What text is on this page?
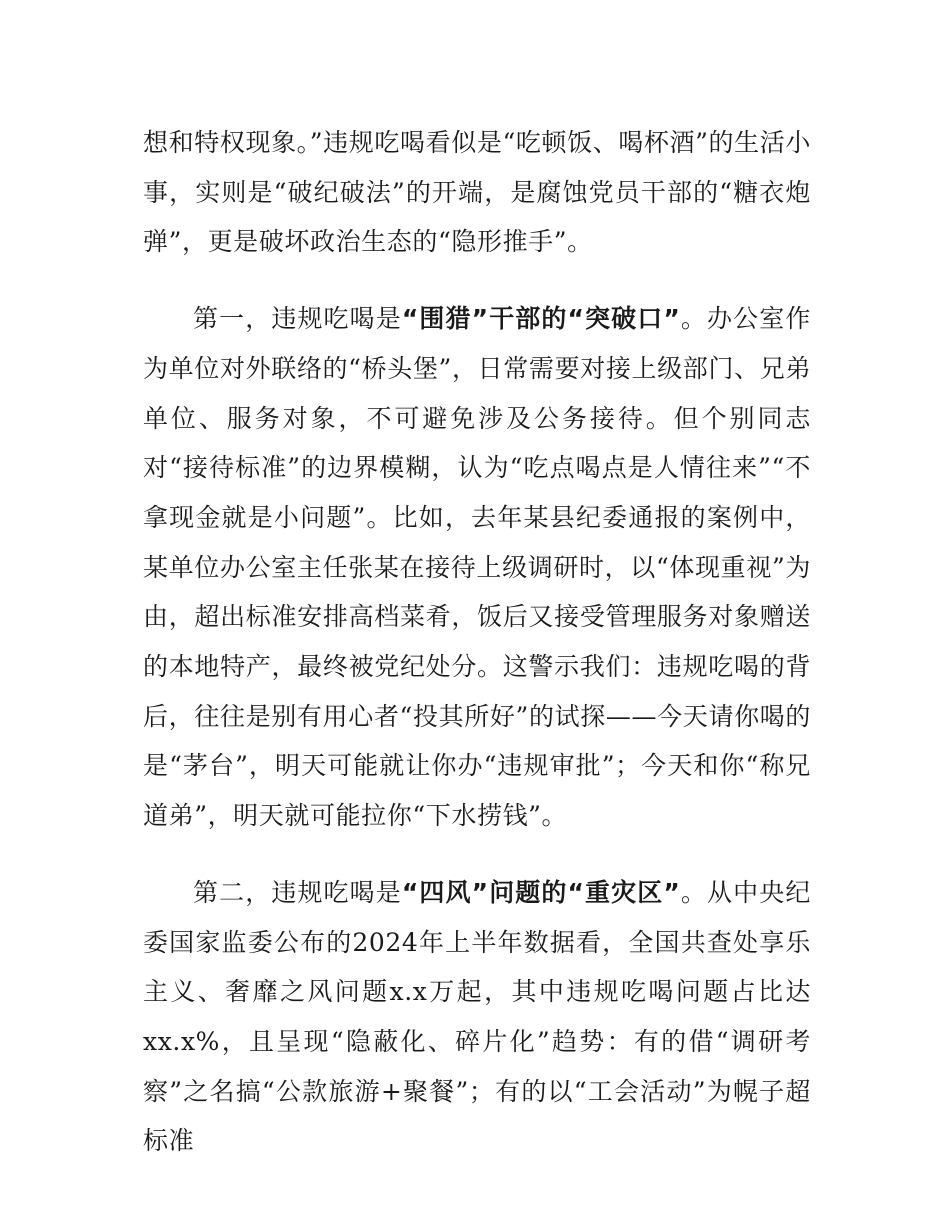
想和特权现象。”违规吃喝看似是“吃顿饭、喝杯酒”的生活小事，实则是“破纪破法”的开端，是腐蚀党员干部的“糖衣炮弹”，更是破坏政治生态的“隐形推手”。

第一，违规吃喝是“围猎”干部的“突破口”。办公室作为单位对外联络的“桥头堡”，日常需要对接上级部门、兄弟单位、服务对象，不可避免涉及公务接待。但个别同志对“接待标准”的边界模糊，认为“吃点喝点是人情往来”“不拿现金就是小问题”。比如，去年某县纪委通报的案例中，某单位办公室主任张某在接待上级调研时，以“体现重视”为由，超出标准安排高档菜肴，饭后又接受管理服务对象赠送的本地特产，最终被党纪处分。这警示我们：违规吃喝的背后，往往是别有用心者“投其所好”的试探——今天请你喝的是“茅台”，明天可能就让你办“违规审批”；今天和你“称兄道弟”，明天就可能拉你“下水捞钱”。

第二，违规吃喝是“四风”问题的“重灾区”。从中央纪委国家监委公布的2024年上半年数据看，全国共查处享乐主义、奢靡之风问题x.x万起，其中违规吃喝问题占比达xx.x%，且呈现“隐蔽化、碎片化”趋势：有的借“调研考察”之名搞“公款旅游+聚餐”；有的以“工会活动”为幌子超标准
